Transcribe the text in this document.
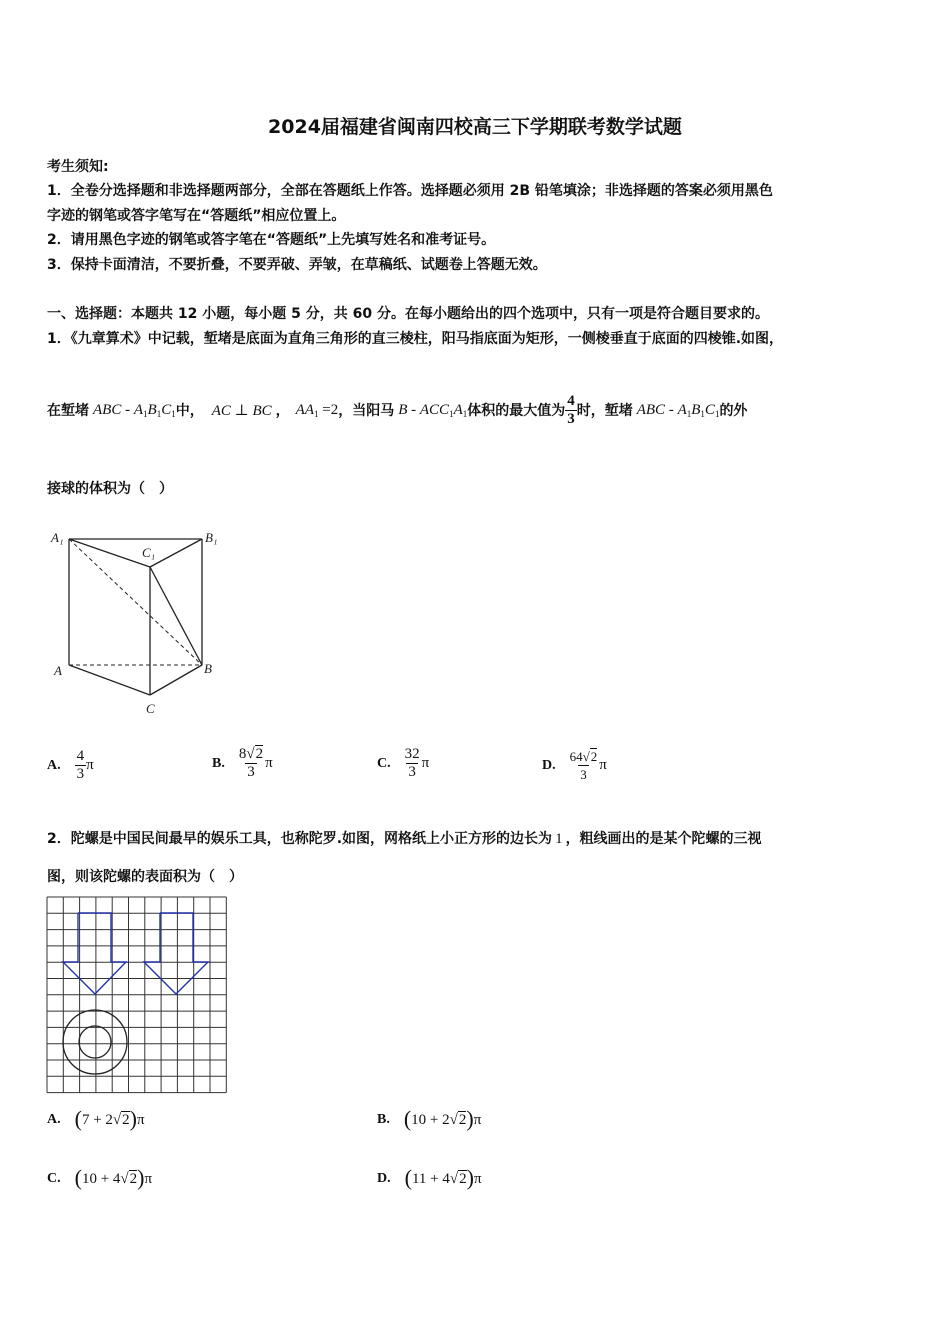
2024届福建省闽南四校高三下学期联考数学试题
考生须知:
1．全卷分选择题和非选择题两部分，全部在答题纸上作答。选择题必须用 2B 铅笔填涂；非选择题的答案必须用黑色
字迹的钢笔或答字笔写在“答题纸”相应位置上。
2．请用黑色字迹的钢笔或答字笔在“答题纸”上先填写姓名和准考证号。
3．保持卡面清洁，不要折叠，不要弄破、弄皱，在草稿纸、试题卷上答题无效。
一、选择题：本题共 12 小题，每小题 5 分，共 60 分。在每小题给出的四个选项中，只有一项是符合题目要求的。
1．《九章算术》中记载，堑堵是底面为直角三角形的直三棱柱，阳马指底面为矩形，一侧棱垂直于底面的四棱锥.如图，
在堑堵 ABC - $A_1B_1C_1$ 中， AC ⊥ BC ， $AA_1 =2$ ，当阳马 B - $ACC_1A_1$ 体积的最大值为 $\frac{4}{3}$ 时，堑堵 ABC - $A_1B_1C_1$ 的外
接球的体积为（　）
A₁
C₁
B₁
A	B
C
A. $\frac{4}{3}$ π	B. $\frac{8√2}{3}$ π	C. $\frac{32}{3}$ π	D. $\frac{64√2}{3}$ π
2．陀螺是中国民间最早的娱乐工具，也称陀罗.如图，网格纸上小正方形的边长为 1 ，粗线画出的是某个陀螺的三视
图，则该陀螺的表面积为（　）
A. (7 + 2√2)π	B. (10 + 2√2)π
C. (10 + 4√2)π	D. (11 + 4√2)π
